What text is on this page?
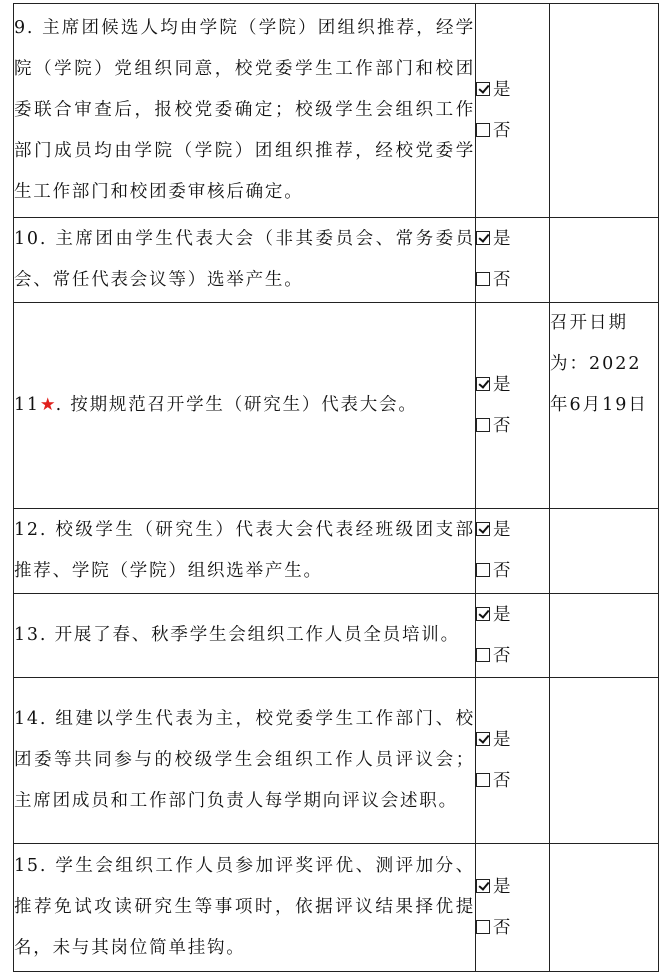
9. 主席团候选人均由学院（学院）团组织推荐，经学院（学院）党组织同意，校党委学生工作部门和校团委联合审查后，报校党委确定；校级学生会组织工作部门成员均由学院（学院）团组织推荐，经校党委学生工作部门和校团委审核后确定。	是
否	

10. 主席团由学生代表大会（非其委员会、常务委员会、常任代表会议等）选举产生。	是
否	

11★. 按期规范召开学生（研究生）代表大会。	是
否	召开日期为：2022年6月19日
12. 校级学生（研究生）代表大会代表经班级团支部推荐、学院（学院）组织选举产生。	是
否	

13. 开展了春、秋季学生会组织工作人员全员培训。	是
否	

14. 组建以学生代表为主，校党委学生工作部门、校团委等共同参与的校级学生会组织工作人员评议会；主席团成员和工作部门负责人每学期向评议会述职。	是
否	

15. 学生会组织工作人员参加评奖评优、测评加分、推荐免试攻读研究生等事项时，依据评议结果择优提名，未与其岗位简单挂钩。	是
否	
